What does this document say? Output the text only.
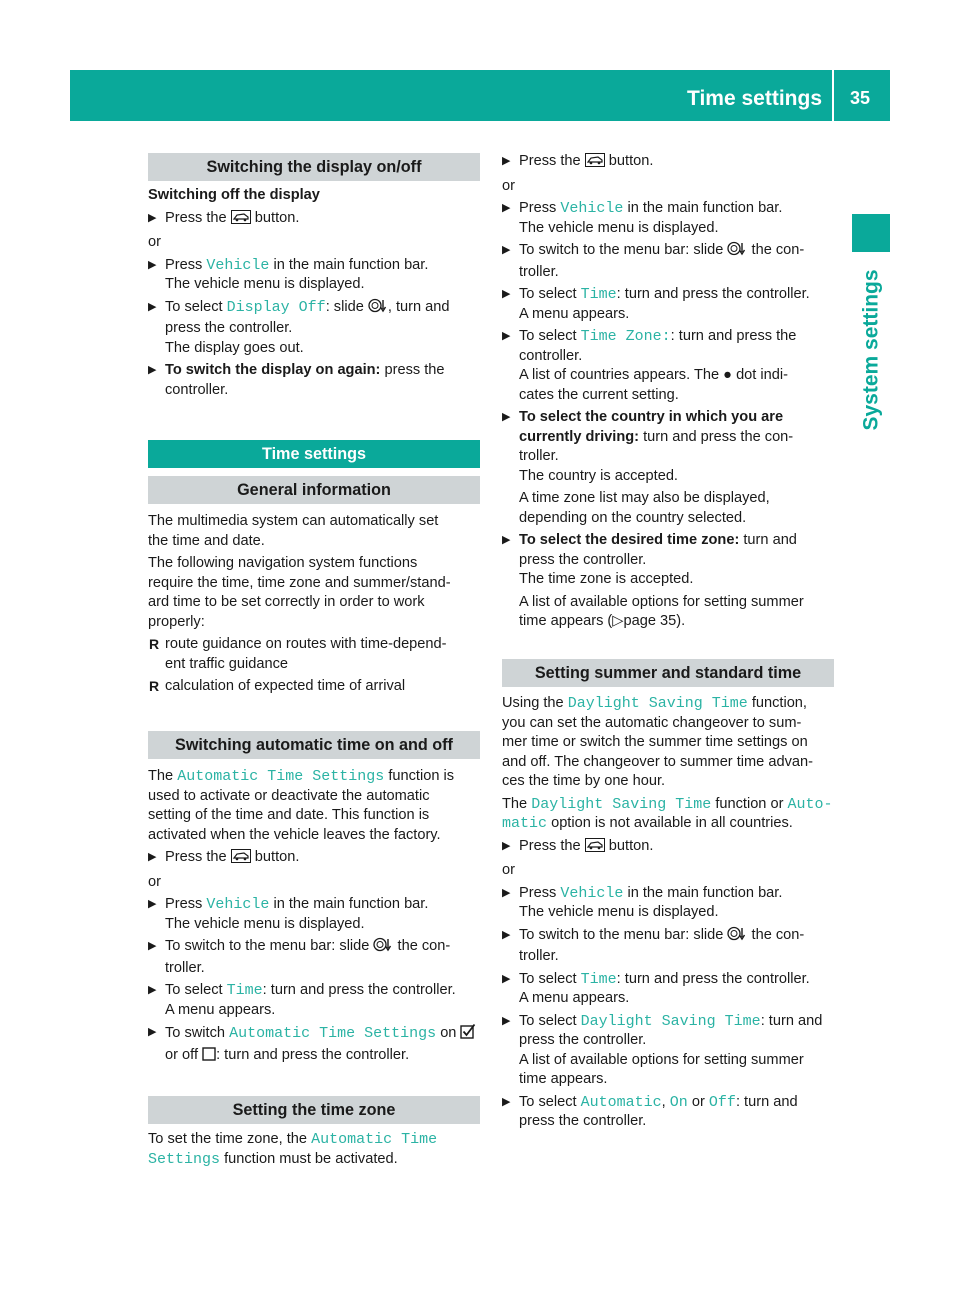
Time settings	35
System settings
Switching the display on/off

Switching off the display

▶ Press the button.

or

▶ Press Vehicle in the main function bar.
The vehicle menu is displayed.

▶ To select Display Off: slide , turn and
press the controller.
The display goes out.

▶ To switch the display on again: press the
controller.

Time settings
General information

The multimedia system can automatically set

the time and date.

The following navigation system functions

require the time, time zone and summer/stand-

ard time to be set correctly in order to work

properly:

R route guidance on routes with time-depend-
ent traffic guidance

R calculation of expected time of arrival

Switching automatic time on and off

The Automatic Time Settings function is

used to activate or deactivate the automatic

setting of the time and date. This function is

activated when the vehicle leaves the factory.

▶ Press the button.

or

▶ Press Vehicle in the main function bar.
The vehicle menu is displayed.

▶ To switch to the menu bar: slide the con-
troller.

▶ To select Time: turn and press the controller.
A menu appears.

▶ To switch Automatic Time Settings on
or off : turn and press the controller.

Setting the time zone

To set the time zone, the Automatic Time

Settings function must be activated.

▶ Press the button.

or

▶ Press Vehicle in the main function bar.
The vehicle menu is displayed.

▶ To switch to the menu bar: slide the con-
troller.

▶ To select Time: turn and press the controller.
A menu appears.

▶ To select Time Zone:: turn and press the
controller.
A list of countries appears. The ● dot indi-
cates the current setting.

▶ To select the country in which you are
currently driving: turn and press the con-
troller.
The country is accepted.
A time zone list may also be displayed,
depending on the country selected.

▶ To select the desired time zone: turn and
press the controller.
The time zone is accepted.
A list of available options for setting summer
time appears (▷page 35).

Setting summer and standard time

Using the Daylight Saving Time function,

you can set the automatic changeover to sum-

mer time or switch the summer time settings on

and off. The changeover to summer time advan-

ces the time by one hour.

The Daylight Saving Time function or Auto‑

matic option is not available in all countries.

▶ Press the button.

or

▶ Press Vehicle in the main function bar.
The vehicle menu is displayed.

▶ To switch to the menu bar: slide the con-
troller.

▶ To select Time: turn and press the controller.
A menu appears.

▶ To select Daylight Saving Time: turn and
press the controller.
A list of available options for setting summer
time appears.

▶ To select Automatic, On or Off: turn and
press the controller.
